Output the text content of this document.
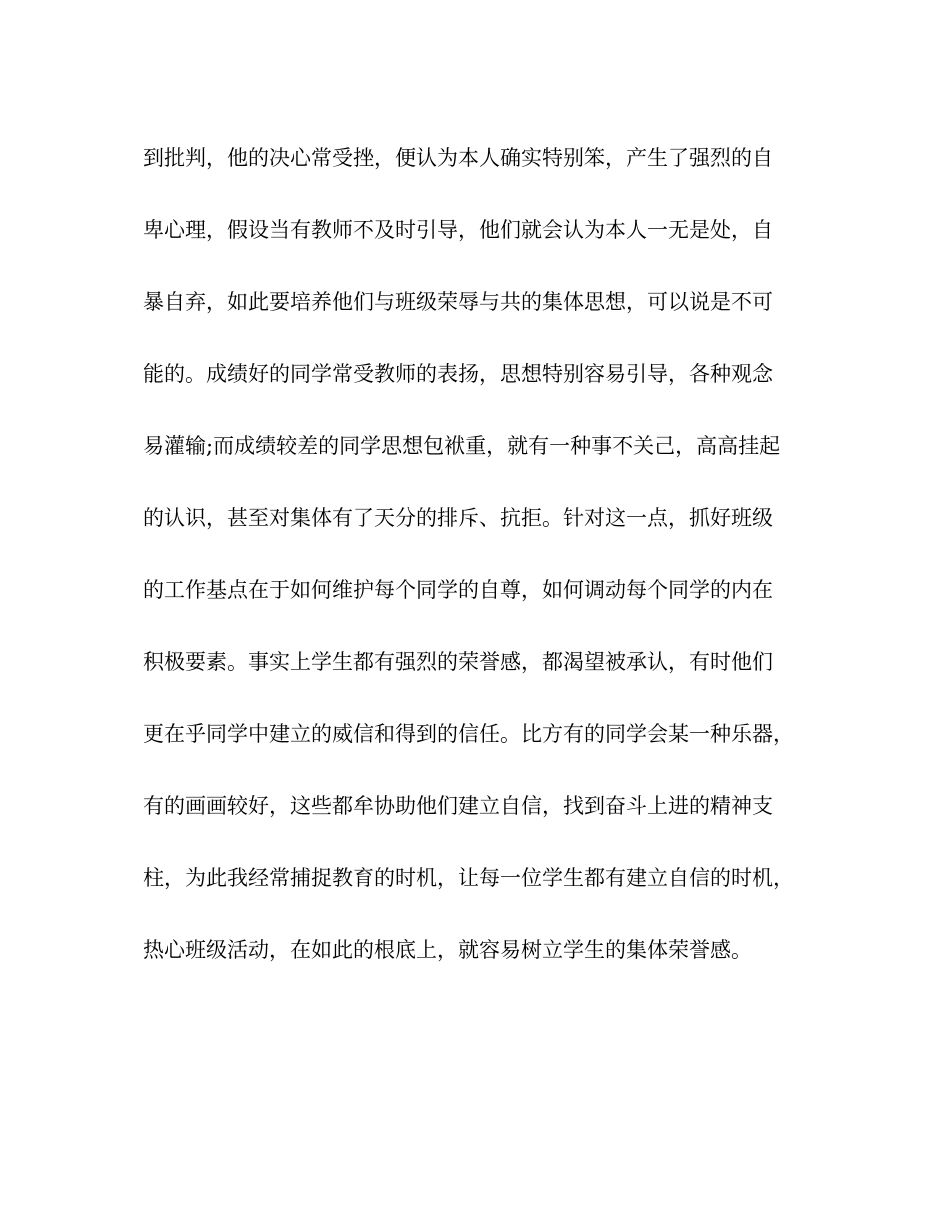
到批判，他的决心常受挫，便认为本人确实特别笨，产生了强烈的自
卑心理，假设当有教师不及时引导，他们就会认为本人一无是处，自
暴自弃，如此要培养他们与班级荣辱与共的集体思想，可以说是不可
能的。成绩好的同学常受教师的表扬，思想特别容易引导，各种观念
易灌输;而成绩较差的同学思想包袱重，就有一种事不关己，高高挂起
的认识，甚至对集体有了天分的排斥、抗拒。针对这一点，抓好班级
的工作基点在于如何维护每个同学的自尊，如何调动每个同学的内在
积极要素。事实上学生都有强烈的荣誉感，都渴望被承认，有时他们
更在乎同学中建立的威信和得到的信任。比方有的同学会某一种乐器，
有的画画较好，这些都牟协助他们建立自信，找到奋斗上进的精神支
柱，为此我经常捕捉教育的时机，让每一位学生都有建立自信的时机，
热心班级活动，在如此的根底上，就容易树立学生的集体荣誉感。
